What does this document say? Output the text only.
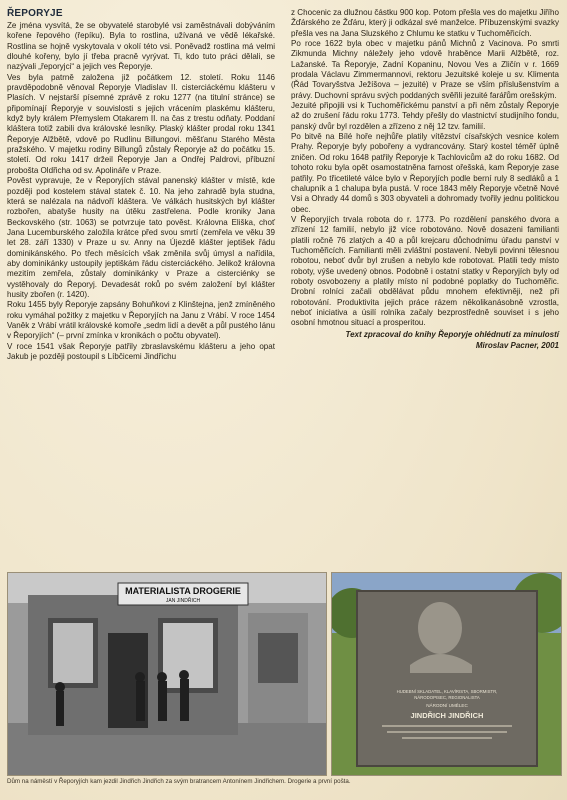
ŘEPORYJE

Ze jména vysvítá, že se obyvatelé starobylé vsi zaměstnávali dobýváním kořene řepového (řepíku). Byla to rostlina, užívaná ve vědě lékařské. Rostlina se hojně vyskytovala v okolí této vsi. Poněvadž rostlina má velmi dlouhé kořeny, bylo jí třeba pracně vyrývat. Ti, kdo tuto práci dělali, se nazývali „řeporyjci“ a jejich ves Řeporyje.

Ves byla patrně založena již počátkem 12. století. Roku 1146 pravděpodobně věnoval Řeporyje Vladislav II. cisterciáckému klášteru v Plasích. V nejstarší písemné zprávě z roku 1277 (na titulní stránce) se připomínají Řeporyje v souvislosti s jejich vrácením plaskému klášteru, když byly králem Přemyslem Otakarem II. na čas z trestu odňaty. Poddaní kláštera totiž zabili dva královské lesníky. Plaský klášter prodal roku 1341 Řeporyje Alžbětě, vdově po Rudlinu Billungovi. měšťanu Starého Města pražského. V majetku rodiny Billungů zůstaly Řeporyje až do počátku 15. století. Od roku 1417 držeil Řeporyje Jan a Ondřej Paldrovi, příbuzní proboštа Oldřicha od sv. Apolináře v Praze.

Pověst vypravuje, že v Řeporyjích stával panenský klášter v místě, kde později pod kostelem stával statek č. 10. Na jeho zahradě byla studna, která se nalézala na nádvoří kláštera. Ve válkách husitských byl klášter rozbořen, abatyše husity na útěku zastřelena. Podle kroniky Jana Beckovského (str. 1063) se potvrzuje tato pověst. Královna Eliška, choť Jana Lucemburského založila krátce před svou smrtí (zemřela ve věku 39 let 28. září 1330) v Praze u sv. Anny na Újezdě klášter jeptišek řádu dominikánského. Po třech měsících však změnila svůj úmysl a nařídila, aby dominikánky ustoupily jeptiškám řádu cisterciáckého. Jelikož královna mezitím zemřela, zůstaly dominikánky v Praze a cisterciénky se vystěhovaly do Řeporyj. Devadesát roků po svém založení byl klášter husity zbořen (r. 1420).

Roku 1455 byly Řeporyje zapsány Bohuňkovi z Klinštejna, jenž zmíněného roku vymáhal požitky z majetku v Řeporyjích na Janu z Vrábí. V roce 1454 Vaněk z Vrábí vrátil královské komoře „sedm lidí a devět a půl pustého lánu v Řeporyjích“ (– první zmínka v kronikách o počtu obyvatel).

V roce 1541 však Řeporyje patřily zbraslavskému klášteru a jeho opat Jakub je později postoupil s Líbčicemi Jindřichu

z Chocenic za dlužnou částku 900 kop. Potom přešla ves do majetku Jiřího Žďárského ze Žďáru, který ji odkázal své manželce. Příbuzenskými svazky přešla ves na Jana Sluzského z Chlumu ke statku v Tuchoměřicích.

Po roce 1622 byla obec v majetku pánů Michnů z Vacinova. Po smrti Zikmunda Michny náležely jeho vdově hraběnce Marii Alžbětě, roz. Lažanské. Ta Řeporyje, Zadní Kopaninu, Novou Ves a Zličín v r. 1669 prodala Václavu Zimmermannovi, rektoru Jezuitské koleje u sv. Klimenta (Řád Tovaryšstva Ježíšova – jezuité) v Praze se vším příslušenstvím a právy. Duchovní správu svých poddaných svěřili jezuité farářům orešským.

Jezuité připojili vsi k Tuchoměřickému panství a při něm zůstaly Řeporyje až do zrušení řádu roku 1773. Tehdy přešly do vlastnictví studijního fondu, panský dvůr byl rozdělen a zřízeno z něj 12 tzv. familií.

Po bitvě na Bílé hoře nejhůře platily vítězství císařských vesnice kolem Prahy. Řeporyje byly pobořeny a vydrancovány. Starý kostel téměř úplně zničen. Od roku 1648 patřily Řeporyje k Tachlovicům až do roku 1682. Od tohoto roku byla opět osamostatněna farnost ořešská, kam Řeporyje zase patřily. Po třicetileté válce bylo v Řeporyjích podle berní ruly 8 sedláků a 1 chalupník a 1 chalupa byla pustá. V roce 1843 měly Řeporyje včetně Nové Vsi a Ohrady 44 domů s 303 obyvateli a dohromady tvořily jednu politickou obec.

V Řeporyjích trvala robota do r. 1773. Po rozdělení panského dvora a zřízení 12 familií, nebylo již více robotováno. Nově dosazeni familianti platili ročně 76 zlatých a 40 a půl krejcaru důchodnímu úřadu panství v Tuchoměřicích. Familianti měli zvláštní postavení. Nebyli povinni tělesnou robotou, neboť dvůr byl zrušen a nebylo kde robotovat. Platili tedy místo roboty, výše uvedený obnos. Podobně i ostatní statky v Řeporyjích byly od roboty osvobozeny a platily místo ní podobné poplatky do Tuchoměřic. Drobní rolníci začali obdělávat půdu mnohem efektivněji, než při robotování. Produktivita jejich práce rázem několikanásobně vzrostla, neboť iniciativa a úsilí rolníka začaly bezprostředně souviset i s jeho osobní hmotnou situací a prosperitou.

Text zpracoval do knihy Řeporyje ohlédnutí za minulostí
Miroslav Pacner, 2001
MATERIALISTA DROGERIE
JAN JINDŘICH
HUDEBNÍ SKLADATEL, KLAVÍRISTA, SBORMISTR,
NÁRODOPISEC, REGIONALISTA
NÁRODNÍ UMĚLEC
JINDŘICH JINDŘICH
Dům na náměstí v Řeporyjích kam jezdil Jindřich Jindřich za svým bratrancem Antonínem Jindřichem. Drogerie a první pošta.
